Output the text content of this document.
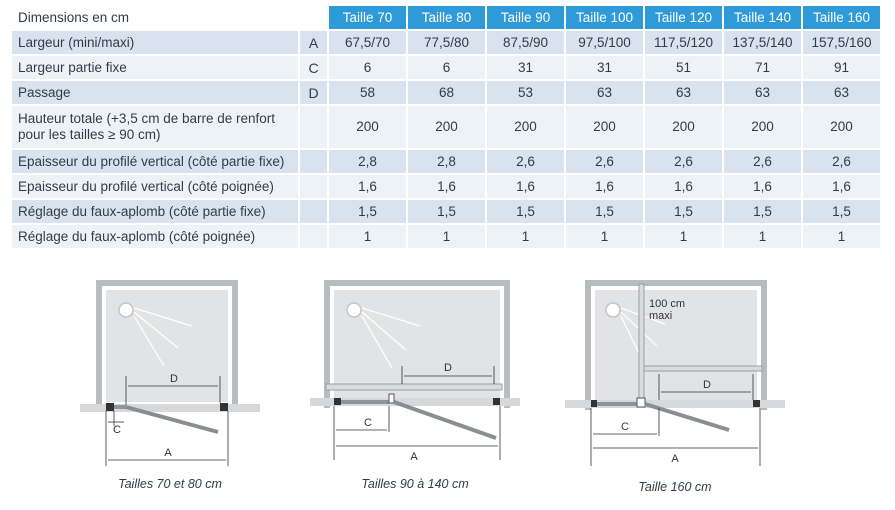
Dimensions en cm		Taille 70	Taille 80	Taille 90	Taille 100	Taille 120	Taille 140	Taille 160
Largeur (mini/maxi)	A	67,5/70	77,5/80	87,5/90	97,5/100	117,5/120	137,5/140	157,5/160
Largeur partie fixe	C	6	6	31	31	51	71	91
Passage	D	58	68	53	63	63	63	63
Hauteur totale (+3,5 cm de barre de renfort
pour les tailles ≥ 90 cm)		200	200	200	200	200	200	200
Epaisseur du profilé vertical (côté partie fixe)		2,8	2,8	2,6	2,6	2,6	2,6	2,6
Epaisseur du profilé vertical (côté poignée)		1,6	1,6	1,6	1,6	1,6	1,6	1,6
Réglage du faux-aplomb (côté partie fixe)		1,5	1,5	1,5	1,5	1,5	1,5	1,5
Réglage du faux-aplomb (côté poignée)		1	1	1	1	1	1	1
D
C
A
Tailles 70 et 80 cm
D
C
A
Tailles 90 à 140 cm
100 cm
maxi
D
C
A
Taille 160 cm
